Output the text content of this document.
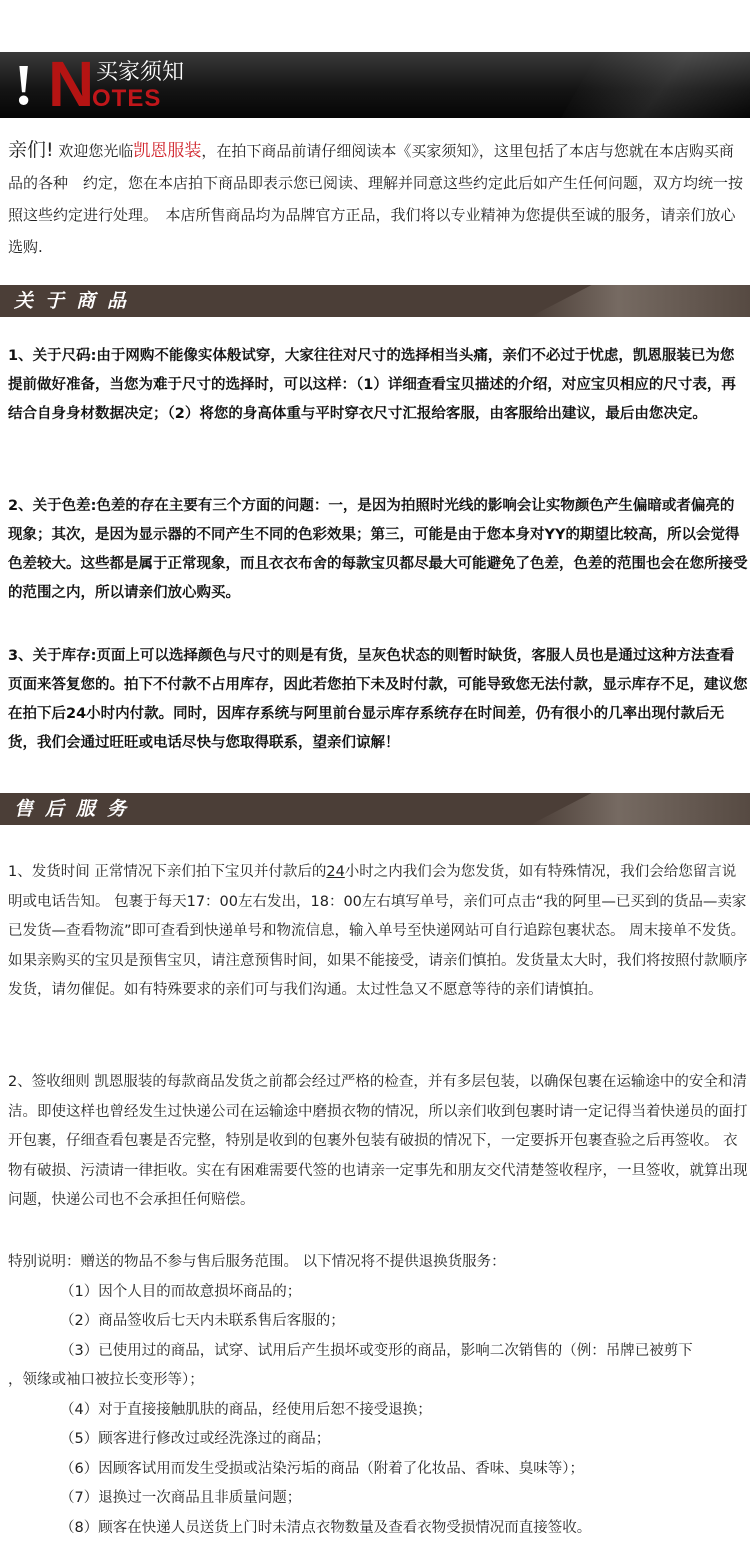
! N
OTES
买家须知
亲们! 欢迎您光临凯恩服装，在拍下商品前请仔细阅读本《买家须知》，这里包括了本店与您就在本店购买商品的各种　约定，您在本店拍下商品即表示您已阅读、理解并同意这些约定此后如产生任何问题，双方均统一按照这些约定进行处理。　本店所售商品均为品牌官方正品，我们将以专业精神为您提供至诚的服务，请亲们放心选购.
关于商品
1、关于尺码:由于网购不能像实体般试穿，大家往往对尺寸的选择相当头痛，亲们不必过于忧虑，凯恩服装已为您提前做好准备，当您为难于尺寸的选择时，可以这样：（1）详细查看宝贝描述的介绍，对应宝贝相应的尺寸表，再结合自身身材数据决定；（2）将您的身高体重与平时穿衣尺寸汇报给客服，由客服给出建议，最后由您决定。
2、关于色差:色差的存在主要有三个方面的问题：一，是因为拍照时光线的影响会让实物颜色产生偏暗或者偏亮的现象；其次，是因为显示器的不同产生不同的色彩效果；第三，可能是由于您本身对YY的期望比较高，所以会觉得色差较大。这些都是属于正常现象，而且衣衣布舍的每款宝贝都尽最大可能避免了色差，色差的范围也会在您所接受的范围之内，所以请亲们放心购买。
3、关于库存:页面上可以选择颜色与尺寸的则是有货，呈灰色状态的则暂时缺货，客服人员也是通过这种方法查看页面来答复您的。拍下不付款不占用库存，因此若您拍下未及时付款，可能导致您无法付款，显示库存不足，建议您在拍下后24小时内付款。同时，因库存系统与阿里前台显示库存系统存在时间差，仍有很小的几率出现付款后无货，我们会通过旺旺或电话尽快与您取得联系，望亲们谅解！
售后服务
1、发货时间 正常情况下亲们拍下宝贝并付款后的24小时之内我们会为您发货，如有特殊情况，我们会给您留言说明或电话告知。 包裹于每天17：00左右发出，18：00左右填写单号，亲们可点击“我的阿里—已买到的货品—卖家已发货—查看物流”即可查看到快递单号和物流信息，输入单号至快递网站可自行追踪包裹状态。 周末接单不发货。 如果亲购买的宝贝是预售宝贝，请注意预售时间，如果不能接受，请亲们慎拍。发货量太大时，我们将按照付款顺序发货，请勿催促。如有特殊要求的亲们可与我们沟通。太过性急又不愿意等待的亲们请慎拍。
2、签收细则 凯恩服装的每款商品发货之前都会经过严格的检查，并有多层包装，以确保包裹在运输途中的安全和清洁。即使这样也曾经发生过快递公司在运输途中磨损衣物的情况，所以亲们收到包裹时请一定记得当着快递员的面打开包裹，仔细查看包裹是否完整，特别是收到的包裹外包装有破损的情况下，一定要拆开包裹查验之后再签收。 衣物有破损、污渍请一律拒收。实在有困难需要代签的也请亲一定事先和朋友交代清楚签收程序，一旦签收，就算出现问题，快递公司也不会承担任何赔偿。
特别说明：赠送的物品不参与售后服务范围。 以下情况将不提供退换货服务：
（1）因个人目的而故意损坏商品的；
（2）商品签收后七天内未联系售后客服的；
（3）已使用过的商品，试穿、试用后产生损坏或变形的商品，影响二次销售的（例：吊牌已被剪下
，领缘或袖口被拉长变形等）；
（4）对于直接接触肌肤的商品，经使用后恕不接受退换；
（5）顾客进行修改过或经洗涤过的商品；
（6）因顾客试用而发生受损或沾染污垢的商品（附着了化妆品、香味、臭味等）；
（7）退换过一次商品且非质量问题；
（8）顾客在快递人员送货上门时未清点衣物数量及查看衣物受损情况而直接签收。
